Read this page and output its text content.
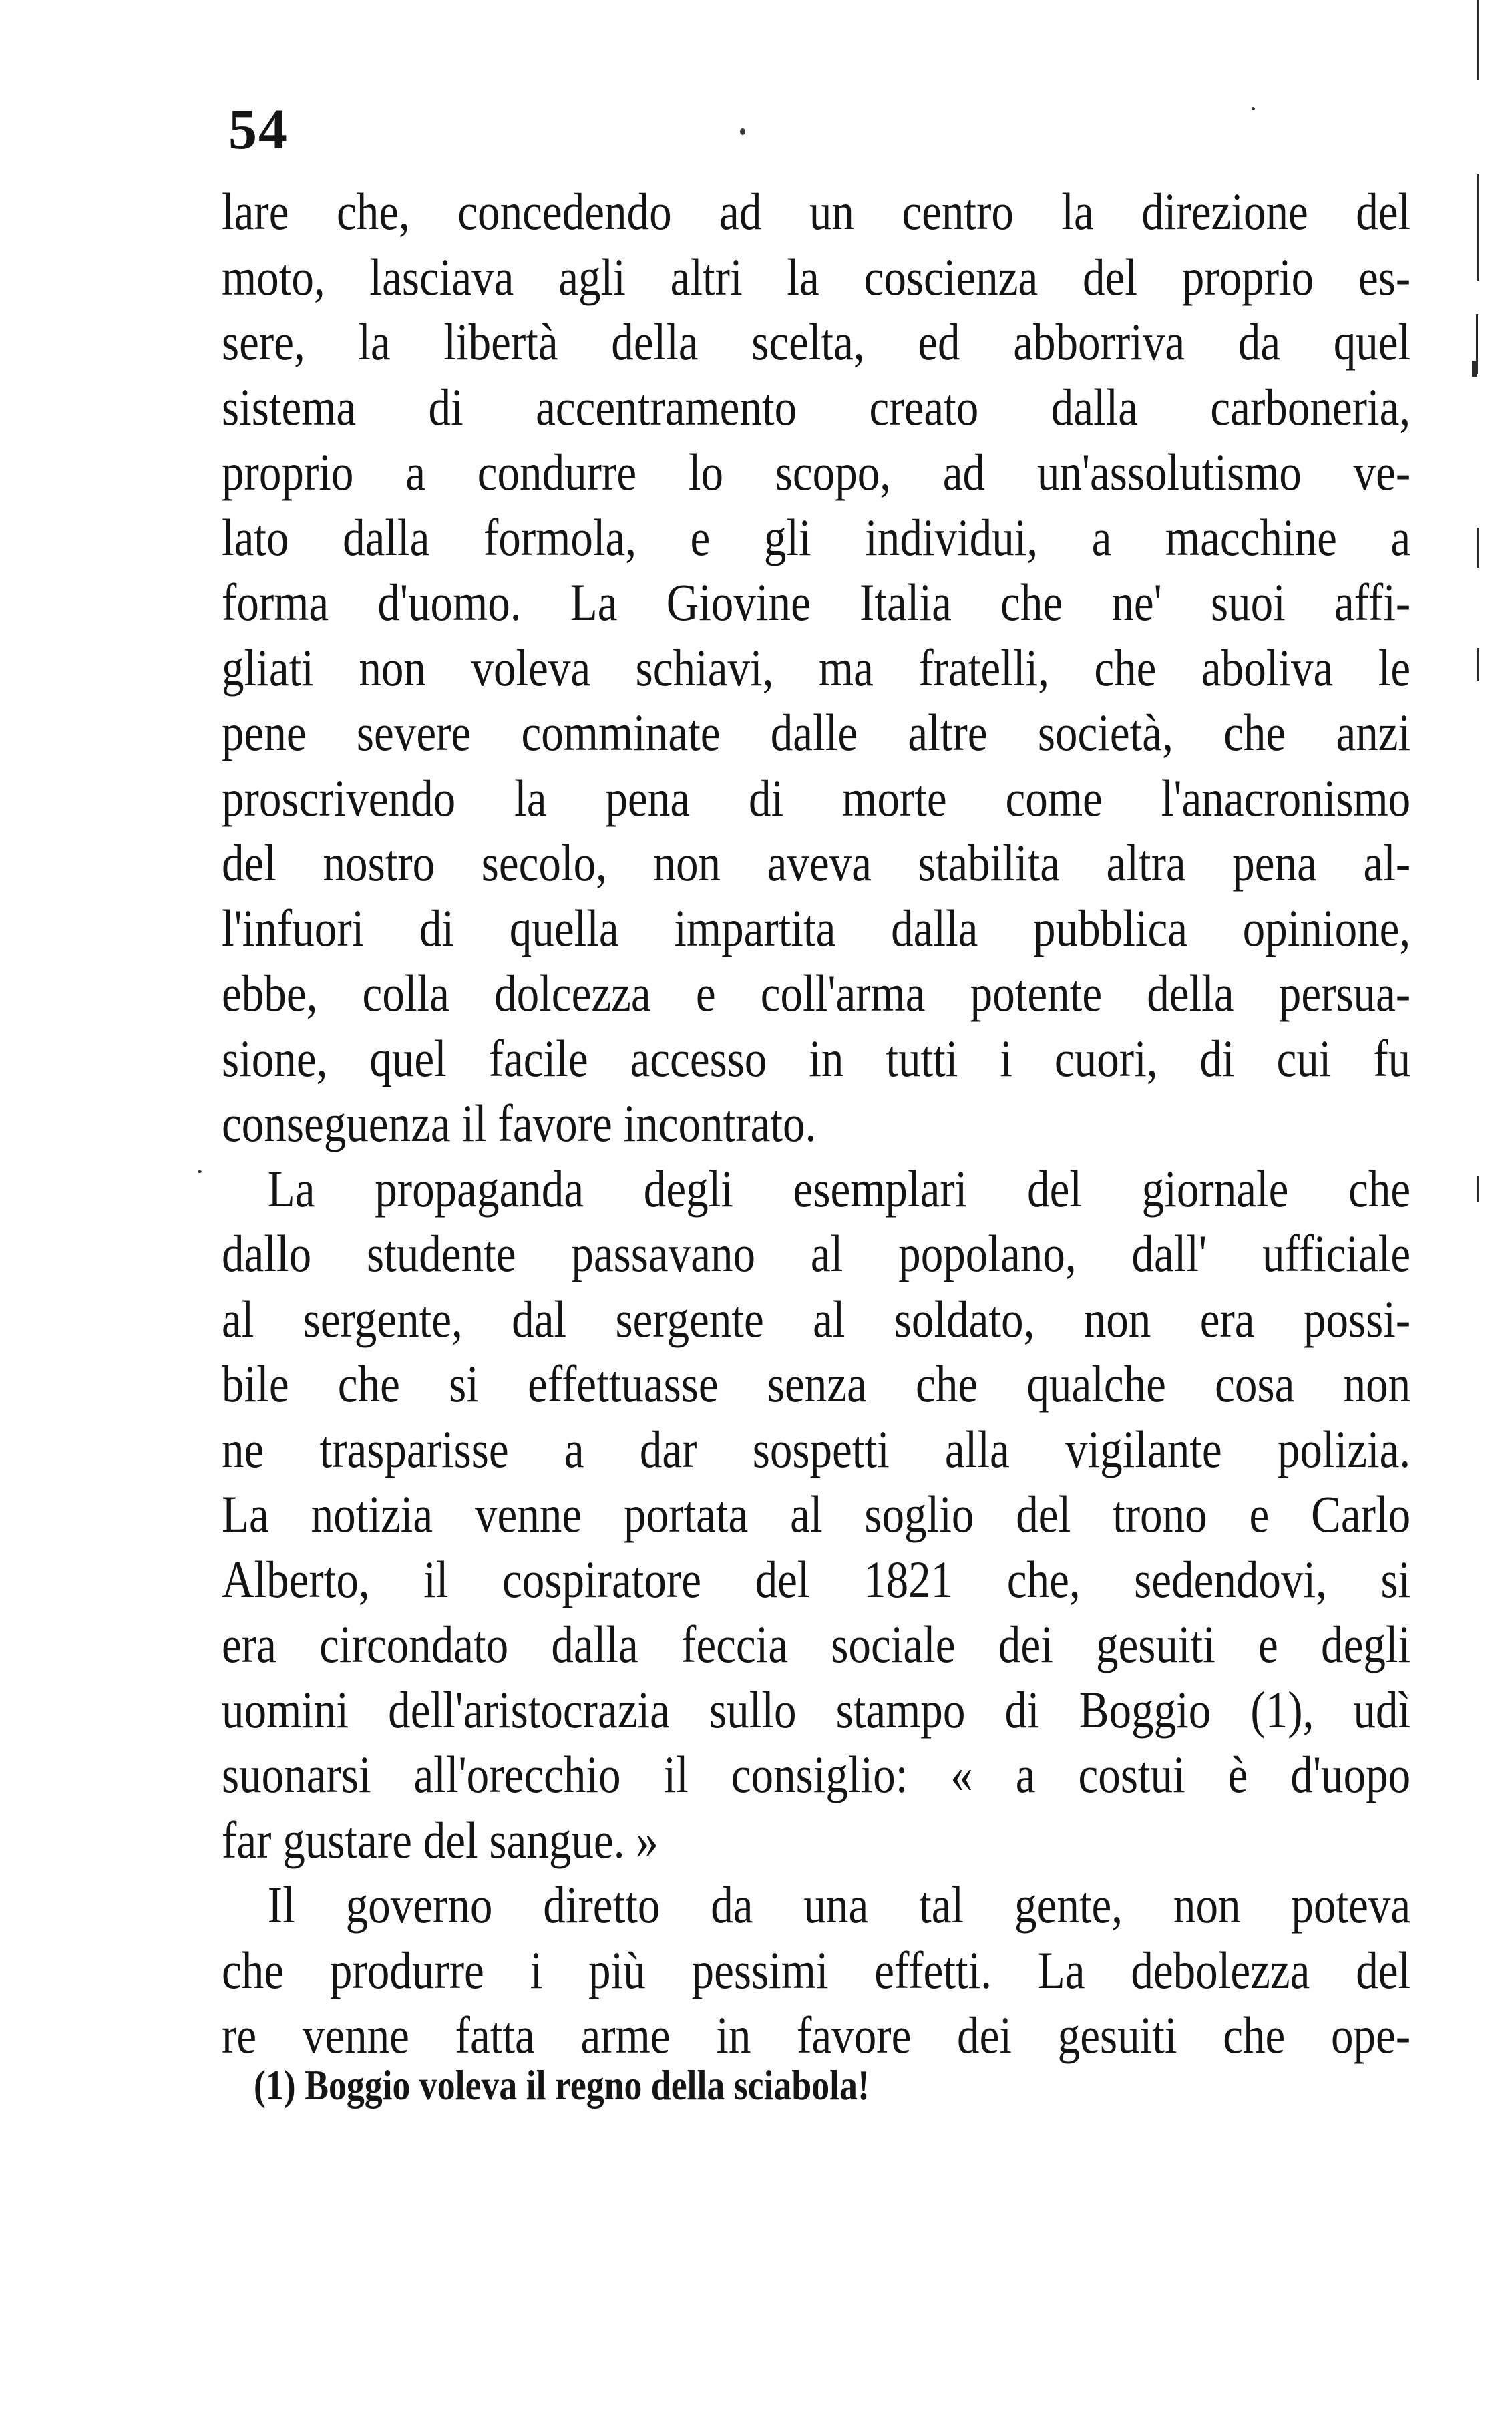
54
lare che, concedendo ad un centro la direzione del
moto, lasciava agli altri la coscienza del proprio es-
sere, la libertà della scelta, ed abborriva da quel
sistema di accentramento creato dalla carboneria,
proprio a condurre lo scopo, ad un'assolutismo ve-
lato dalla formola, e gli individui, a macchine a
forma d'uomo. La Giovine Italia che ne' suoi affi-
gliati non voleva schiavi, ma fratelli, che aboliva le
pene severe comminate dalle altre società, che anzi
proscrivendo la pena di morte come l'anacronismo
del nostro secolo, non aveva stabilita altra pena al-
l'infuori di quella impartita dalla pubblica opinione,
ebbe, colla dolcezza e coll'arma potente della persua-
sione, quel facile accesso in tutti i cuori, di cui fu
conseguenza il favore incontrato.
La propaganda degli esemplari del giornale che
dallo studente passavano al popolano, dall' ufficiale
al sergente, dal sergente al soldato, non era possi-
bile che si effettuasse senza che qualche cosa non
ne trasparisse a dar sospetti alla vigilante polizia.
La notizia venne portata al soglio del trono e Carlo
Alberto, il cospiratore del 1821 che, sedendovi, si
era circondato dalla feccia sociale dei gesuiti e degli
uomini dell'aristocrazia sullo stampo di Boggio (1), udì
suonarsi all'orecchio il consiglio: « a costui è d'uopo
far gustare del sangue. »
Il governo diretto da una tal gente, non poteva
che produrre i più pessimi effetti. La debolezza del
re venne fatta arme in favore dei gesuiti che ope-
(1) Boggio voleva il regno della sciabola!
